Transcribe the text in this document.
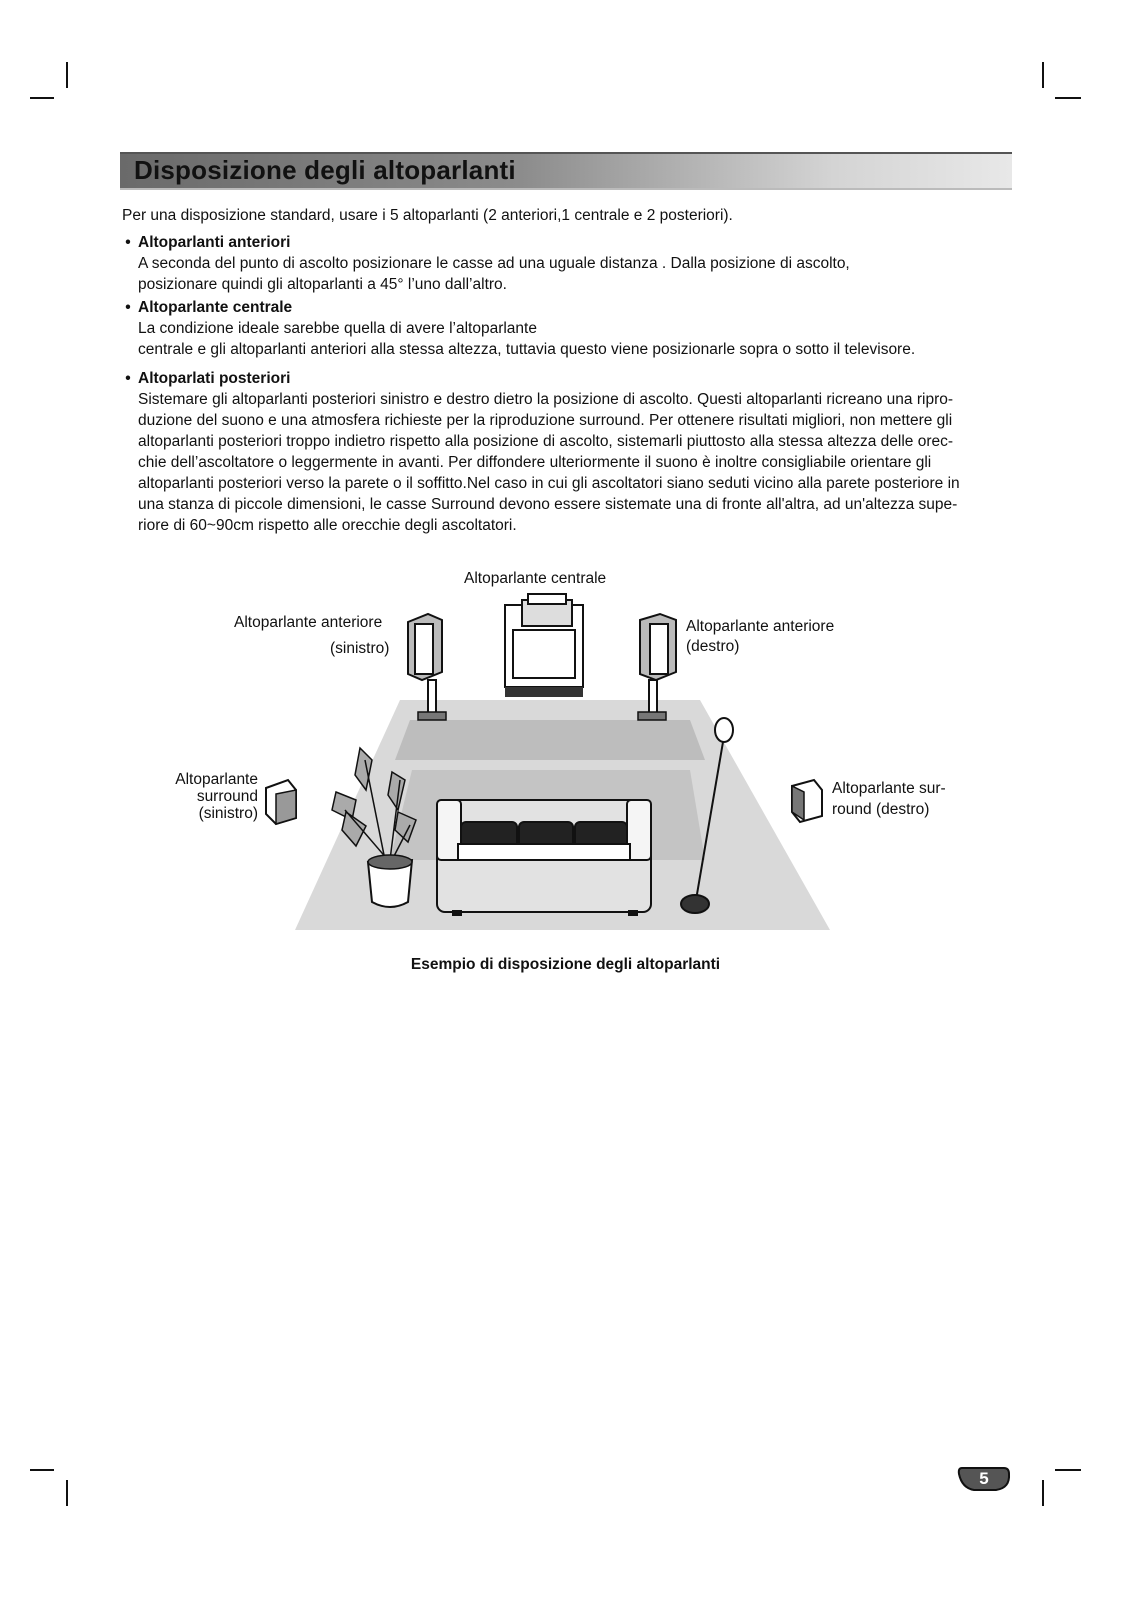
Disposizione degli altoparlanti
Per una disposizione standard, usare i 5 altoparlanti (2 anteriori,1 centrale e 2 posteriori).
• Altoparlanti anteriori
A seconda del punto di ascolto posizionare le casse ad una uguale distanza . Dalla posizione di ascolto,
posizionare quindi gli altoparlanti a 45° l’uno dall’altro.
• Altoparlante centrale
La condizione ideale sarebbe quella di avere l’altoparlante
centrale e gli altoparlanti anteriori alla stessa altezza, tuttavia questo viene posizionarle sopra o sotto il televisore.
• Altoparlati posteriori
Sistemare gli altoparlanti posteriori sinistro e destro dietro la posizione di ascolto. Questi altoparlanti ricreano una ripro-
duzione del suono e una atmosfera richieste per la riproduzione surround. Per ottenere risultati migliori, non mettere gli
altoparlanti posteriori troppo indietro rispetto alla posizione di ascolto, sistemarli piuttosto alla stessa altezza delle orec-
chie dell’ascoltatore o leggermente in avanti. Per diffondere ulteriormente il suono è inoltre consigliabile orientare gli
altoparlanti posteriori verso la parete o il soffitto.Nel caso in cui gli ascoltatori siano seduti vicino alla parete posteriore in
una stanza di piccole dimensioni, le casse Surround devono essere sistemate una di fronte all'altra, ad un'altezza supe-
riore di 60~90cm rispetto alle orecchie degli ascoltatori.
Altoparlante centrale
Altoparlante anteriore
(sinistro)
Altoparlante anteriore
(destro)
Altoparlante
surround
(sinistro)
Altoparlante sur-
round (destro)
Esempio di disposizione degli altoparlanti
5
